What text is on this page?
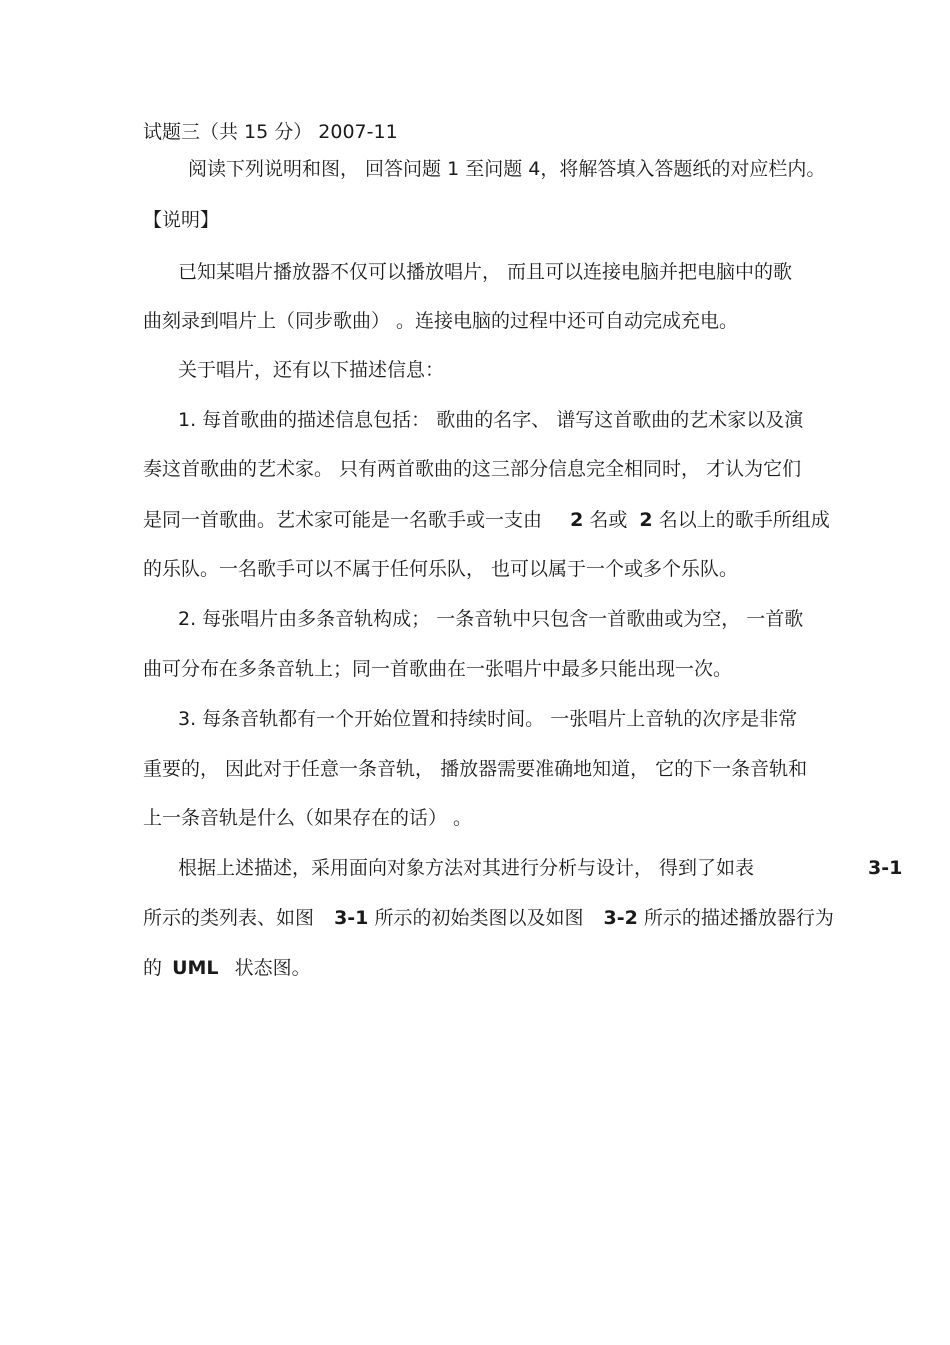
试题三（共 15 分） 2007-11
阅读下列说明和图， 回答问题 1 至问题 4，将解答填入答题纸的对应栏内。
【说明】
已知某唱片播放器不仅可以播放唱片， 而且可以连接电脑并把电脑中的歌
曲刻录到唱片上（同步歌曲） 。连接电脑的过程中还可自动完成充电。
关于唱片，还有以下描述信息：
1. 每首歌曲的描述信息包括： 歌曲的名字、 谱写这首歌曲的艺术家以及演
奏这首歌曲的艺术家。 只有两首歌曲的这三部分信息完全相同时， 才认为它们
是同一首歌曲。艺术家可能是一名歌手或一支由 2 名或 2 名以上的歌手所组成
的乐队。一名歌手可以不属于任何乐队， 也可以属于一个或多个乐队。
2. 每张唱片由多条音轨构成； 一条音轨中只包含一首歌曲或为空， 一首歌
曲可分布在多条音轨上；同一首歌曲在一张唱片中最多只能出现一次。
3. 每条音轨都有一个开始位置和持续时间。 一张唱片上音轨的次序是非常
重要的， 因此对于任意一条音轨， 播放器需要准确地知道， 它的下一条音轨和
上一条音轨是什么（如果存在的话） 。
根据上述描述，采用面向对象方法对其进行分析与设计， 得到了如表	3-1
所示的类列表、如图 3-1 所示的初始类图以及如图 3-2 所示的描述播放器行为
的 UML 状态图。
